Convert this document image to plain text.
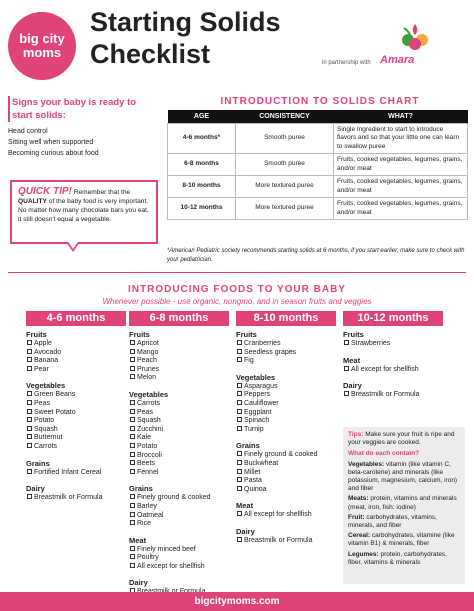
big city
moms
Starting Solids
Checklist	in partnership with Amara
Signs your baby is ready to start solids:
Head control
Sitting well when supported
Becoming curious about food
QUICK TIP! Remember that the QUALITY of the baby food is very important. No matter how many chocolate bars you eat, it still doesn't equal a vegetable.
INTRODUCTION TO SOLIDS CHART
AGE	CONSISTENCY	WHAT?
4-6 months*	Smooth puree	Single Ingredient to start to introduce flavors and so that your little one can learn to swallow puree
6-8 months	Smooth puree	Fruits, cooked vegetables, legumes, grains, and/or meat
8-10 months	More textured puree	Fruits, cooked vegetables, legumes, grains, and/or meat
10-12 months	More textured puree	Fruits, cooked vegetables, legumes, grains, and/or meat
*American Pediatric society recommends starting solids at 6 months, if you start earlier, make sure to check with your pediatrician.
INTRODUCING FOODS TO YOUR BABY
Whenever possible - use organic, nongmo, and in season fruits and veggies
4-6 months
Fruits
Apple
Avocado
Banana
Pear
Vegetables
Green Beans
Peas
Sweet Potato
Potato
Squash
Butternut
Carrots
Grains
Fortified Infant Cereal
Dairy
Breastmilk or Formula
6-8 months
Fruits
Apricot
Mango
Peach
Prunes
Melon
Vegetables
Carrots
Peas
Squash
Zucchini
Kale
Potato
Broccoli
Beets
Fennel
Grains
Finely ground & cooked
Barley
Oatmeal
Rice
Meat
Finely minced beef
Poultry
All except for shellfish
Dairy
8-10 months
Fruits
Cranberries
Seedless grapes
Fig
Vegetables
Asparagus
Peppers
Cauliflower
Eggplant
Spinach
Turnip
Grains
Finely ground & cooked
Buckwheat
Millet
Pasta
Quinoa
Meat
All except for shellfish
Dairy
Breastmilk or Formula
10-12 months
Fruits
Strawberries
Meat
All except for shellfish
Dairy
Breastmilk or Formula
Tips: Make sure your fruit is ripe and your veggies are cooked.
What do each contain?
Vegetables: vitamin (like vitamin C, beta-carotene) and minerals (like potassium, magnesium, calcium, iron) and fiber
Meats: protein, vitamins and minerals (meat, iron, fish: iodine)
Fruit: carbohydrates, vitamins, minerals, and fiber
Cereal: carbohydrates, vitamine (like vitamin B1) & minerals, fiber
Legumes: protein, carbohydrates, fiber, vitamins & minerals
bigcitymoms.com
